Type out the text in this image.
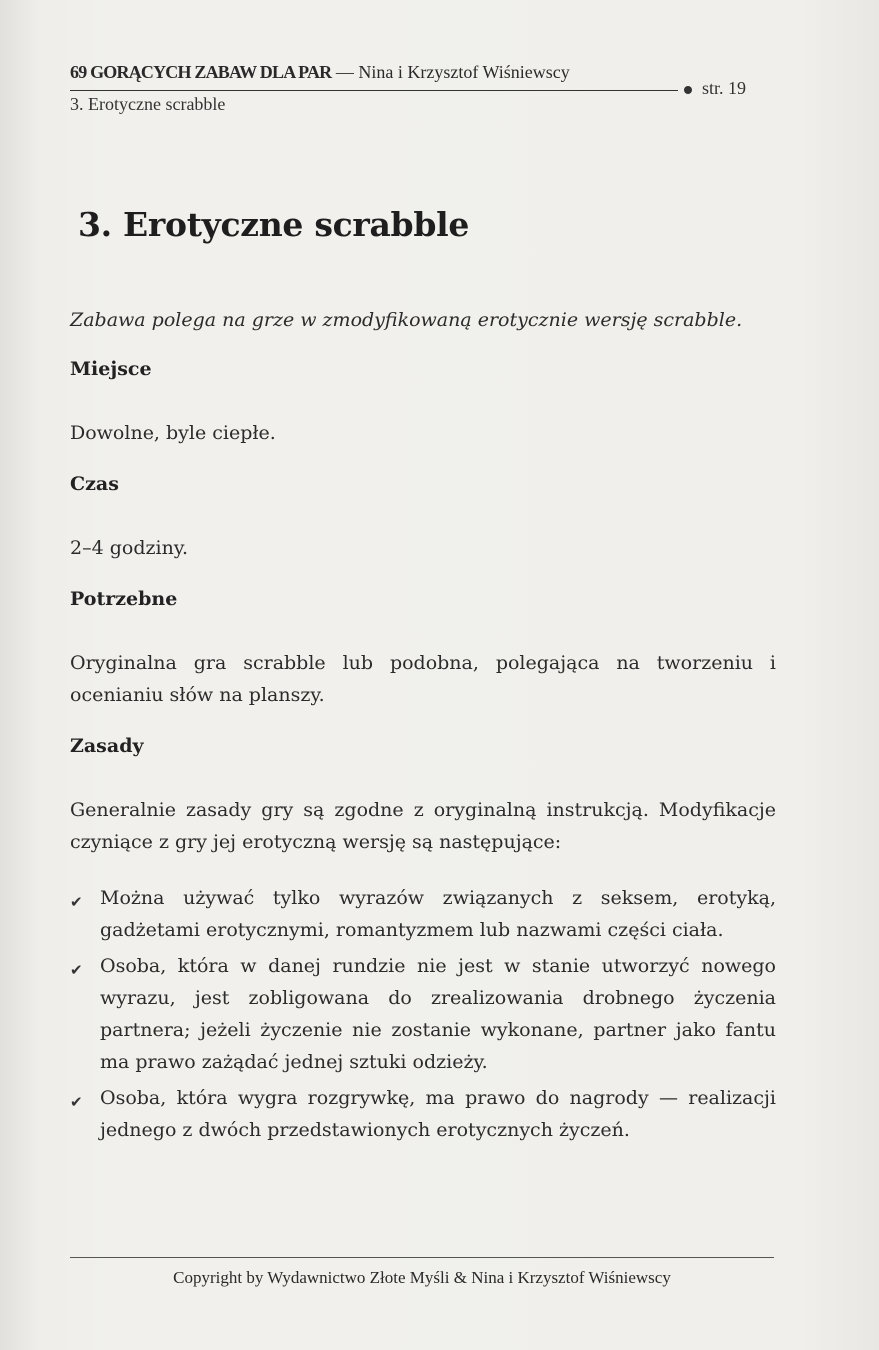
69 GORĄCYCH ZABAW DLA PAR — Nina i Krzysztof Wiśniewscy
3. Erotyczne scrabble
str. 19
3. Erotyczne scrabble

Zabawa polega na grze w zmodyfikowaną erotycznie wersję scrabble.

Miejsce

Dowolne, byle ciepłe.

Czas

2–4 godziny.

Potrzebne

Oryginalna gra scrabble lub podobna, polegająca na tworzeniu i ocenianiu słów na planszy.

Zasady

Generalnie zasady gry są zgodne z oryginalną instrukcją. Modyfikacje czyniące z gry jej erotyczną wersję są następujące:

✔ Można używać tylko wyrazów związanych z seksem, erotyką, gadżetami erotycznymi, romantyzmem lub nazwami części ciała.
✔ Osoba, która w danej rundzie nie jest w stanie utworzyć nowego wyrazu, jest zobligowana do zrealizowania drobnego życzenia partnera; jeżeli życzenie nie zostanie wykonane, partner jako fantu ma prawo zażądać jednej sztuki odzieży.
✔ Osoba, która wygra rozgrywkę, ma prawo do nagrody — realizacji jednego z dwóch przedstawionych erotycznych życzeń.
Copyright by Wydawnictwo Złote Myśli & Nina i Krzysztof Wiśniewscy
